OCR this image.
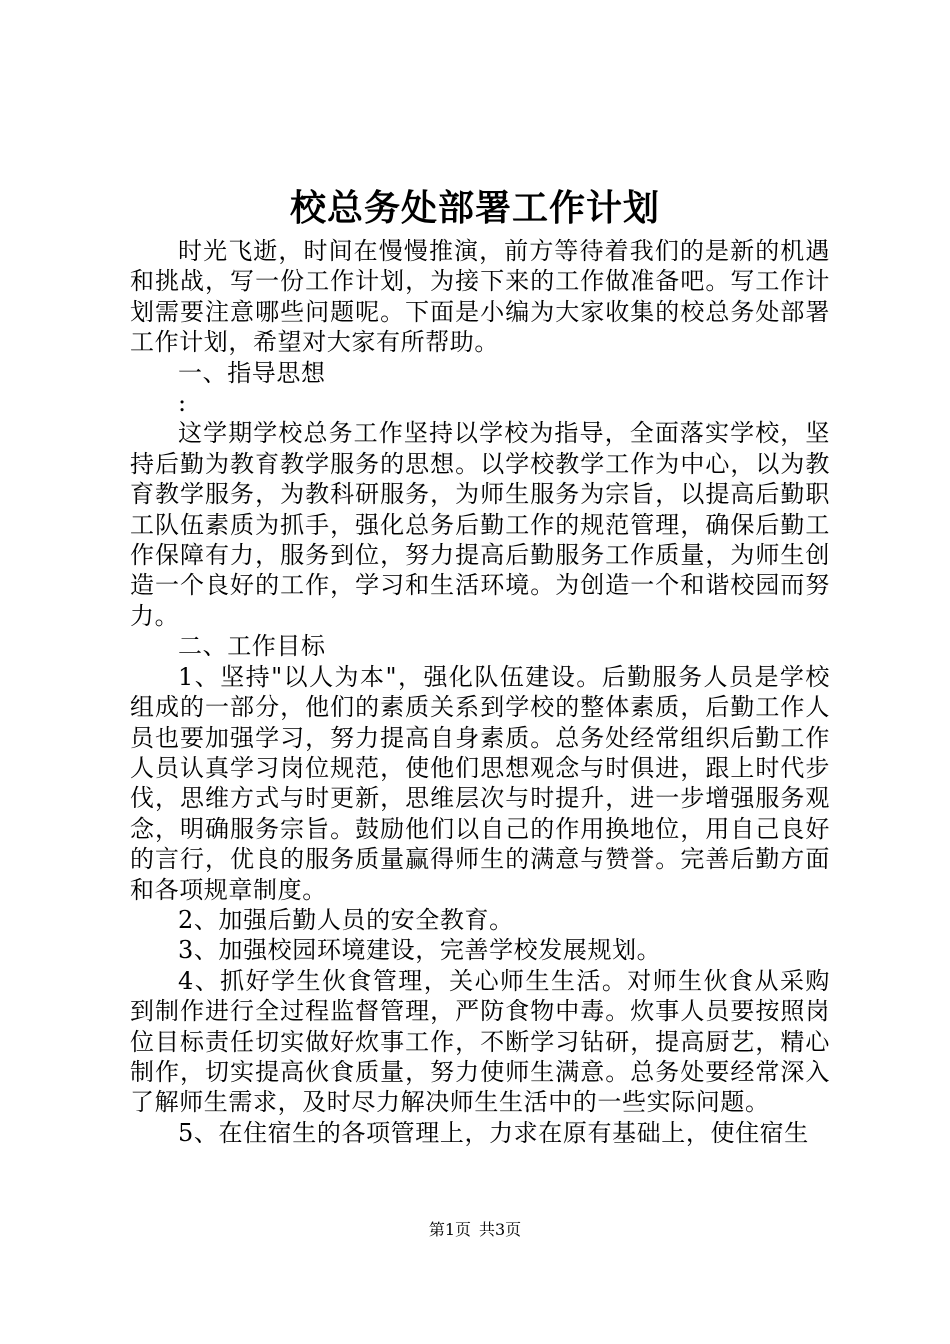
校总务处部署工作计划

时光飞逝，时间在慢慢推演，前方等待着我们的是新的机遇和挑战，写一份工作计划，为接下来的工作做准备吧。写工作计划需要注意哪些问题呢。下面是小编为大家收集的校总务处部署工作计划，希望对大家有所帮助。

一、指导思想

:

这学期学校总务工作坚持以学校为指导，全面落实学校，坚持后勤为教育教学服务的思想。以学校教学工作为中心，以为教育教学服务，为教科研服务，为师生服务为宗旨，以提高后勤职工队伍素质为抓手，强化总务后勤工作的规范管理，确保后勤工作保障有力，服务到位，努力提高后勤服务工作质量，为师生创造一个良好的工作，学习和生活环境。为创造一个和谐校园而努力。

二、工作目标

1、坚持"以人为本"，强化队伍建设。后勤服务人员是学校组成的一部分，他们的素质关系到学校的整体素质，后勤工作人员也要加强学习，努力提高自身素质。总务处经常组织后勤工作人员认真学习岗位规范，使他们思想观念与时俱进，跟上时代步伐，思维方式与时更新，思维层次与时提升，进一步增强服务观念，明确服务宗旨。鼓励他们以自己的作用换地位，用自己良好的言行，优良的服务质量赢得师生的满意与赞誉。完善后勤方面和各项规章制度。

2、加强后勤人员的安全教育。

3、加强校园环境建设，完善学校发展规划。

4、抓好学生伙食管理，关心师生生活。对师生伙食从采购到制作进行全过程监督管理，严防食物中毒。炊事人员要按照岗位目标责任切实做好炊事工作，不断学习钻研，提高厨艺，精心制作，切实提高伙食质量，努力使师生满意。总务处要经常深入了解师生需求，及时尽力解决师生生活中的一些实际问题。

5、在住宿生的各项管理上，力求在原有基础上，使住宿生

第1页 共3页
